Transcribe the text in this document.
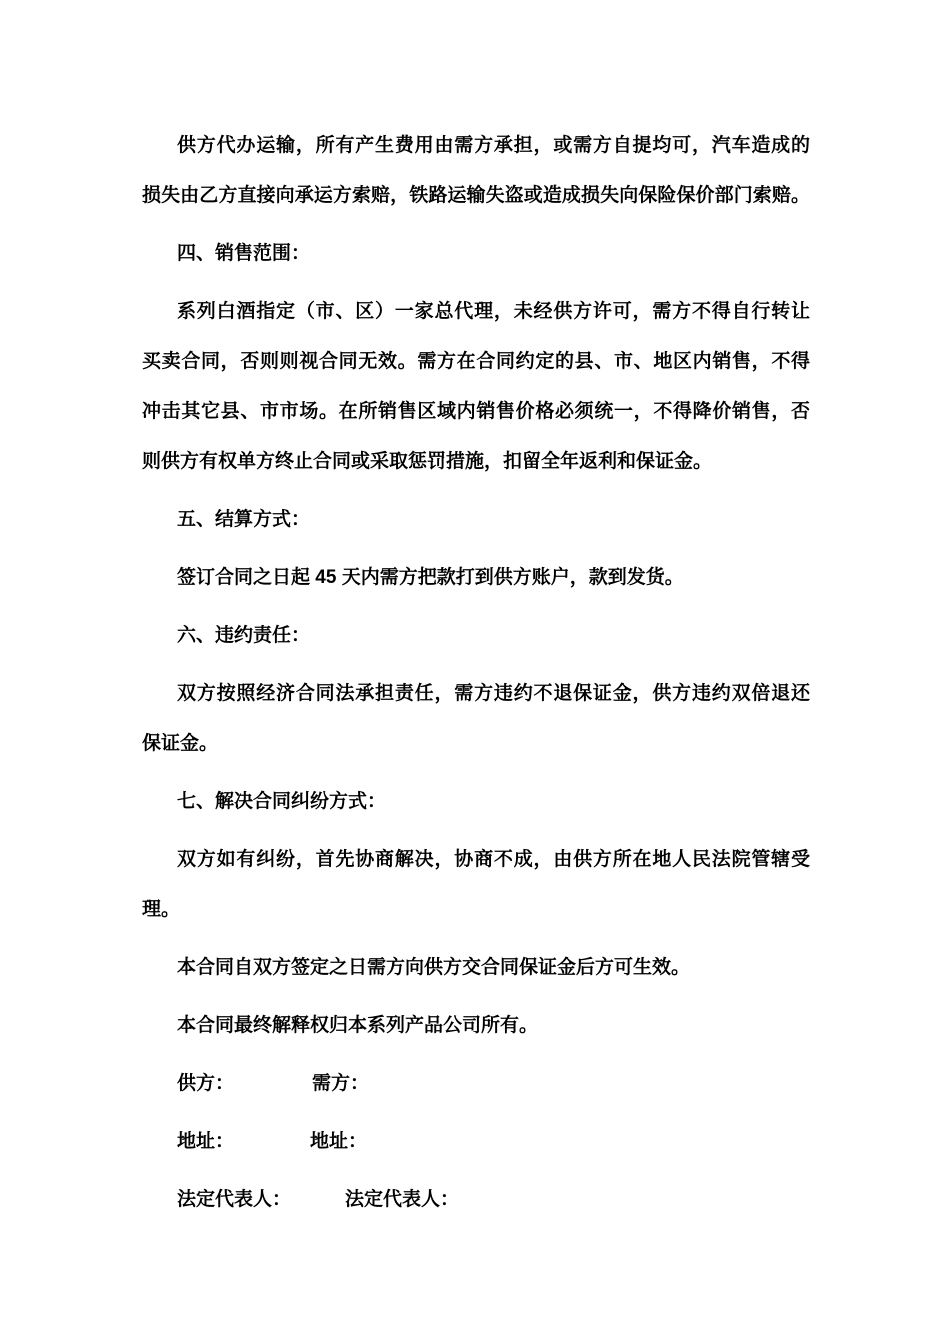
供方代办运输，所有产生费用由需方承担，或需方自提均可，汽车造成的
损失由乙方直接向承运方索赔，铁路运输失盗或造成损失向保险保价部门索赔。
四、销售范围：
系列白酒指定（市、区）一家总代理，未经供方许可，需方不得自行转让
买卖合同，否则则视合同无效。需方在合同约定的县、市、地区内销售，不得
冲击其它县、市市场。在所销售区域内销售价格必须统一，不得降价销售，否
则供方有权单方终止合同或采取惩罚措施，扣留全年返利和保证金。
五、结算方式：
签订合同之日起 45 天内需方把款打到供方账户，款到发货。
六、违约责任：
双方按照经济合同法承担责任，需方违约不退保证金，供方违约双倍退还
保证金。
七、解决合同纠纷方式：
双方如有纠纷，首先协商解决，协商不成，由供方所在地人民法院管辖受
理。
本合同自双方签定之日需方向供方交合同保证金后方可生效。
本合同最终解释权归本系列产品公司所有。
供方：	需方：
地址：	地址：
法定代表人：	法定代表人：
